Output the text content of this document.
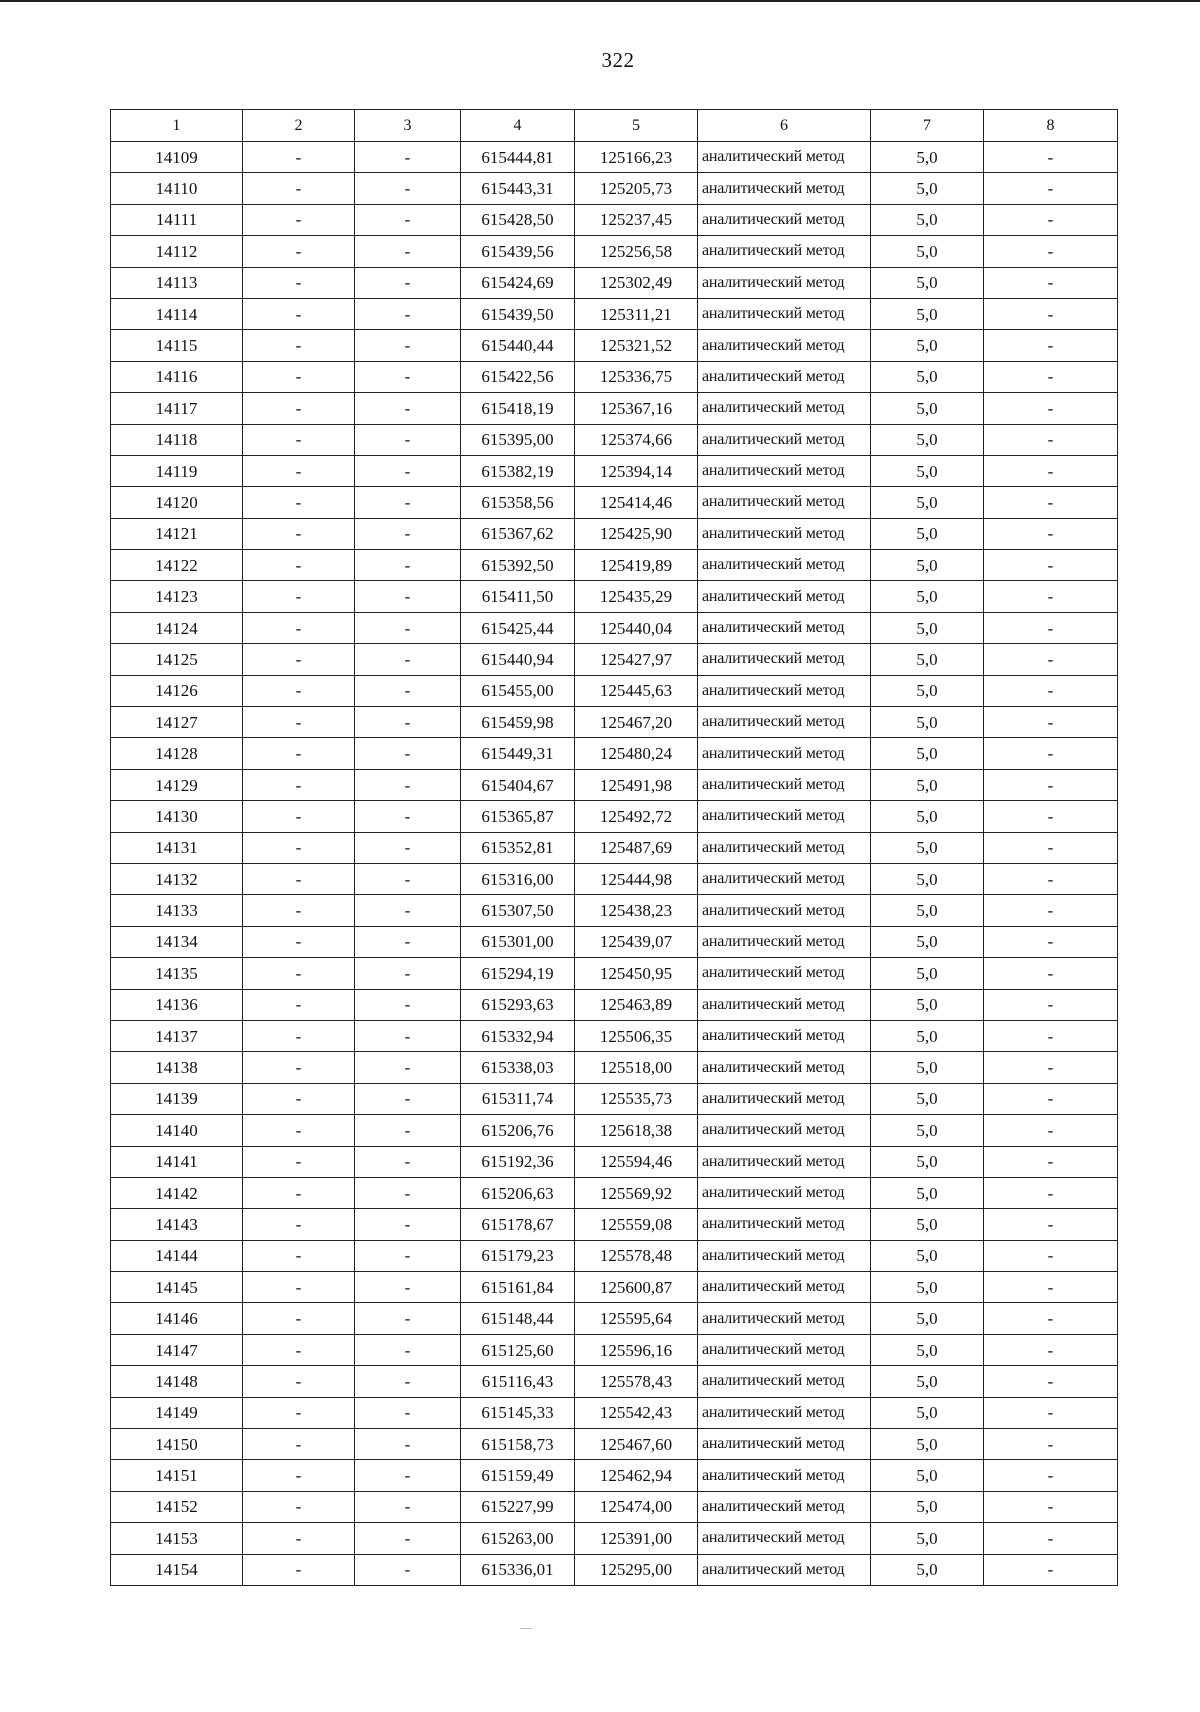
322
1	2	3	4	5	6	7	8
14109	-	-	615444,81	125166,23	аналитический метод	5,0	-
14110	-	-	615443,31	125205,73	аналитический метод	5,0	-
14111	-	-	615428,50	125237,45	аналитический метод	5,0	-
14112	-	-	615439,56	125256,58	аналитический метод	5,0	-
14113	-	-	615424,69	125302,49	аналитический метод	5,0	-
14114	-	-	615439,50	125311,21	аналитический метод	5,0	-
14115	-	-	615440,44	125321,52	аналитический метод	5,0	-
14116	-	-	615422,56	125336,75	аналитический метод	5,0	-
14117	-	-	615418,19	125367,16	аналитический метод	5,0	-
14118	-	-	615395,00	125374,66	аналитический метод	5,0	-
14119	-	-	615382,19	125394,14	аналитический метод	5,0	-
14120	-	-	615358,56	125414,46	аналитический метод	5,0	-
14121	-	-	615367,62	125425,90	аналитический метод	5,0	-
14122	-	-	615392,50	125419,89	аналитический метод	5,0	-
14123	-	-	615411,50	125435,29	аналитический метод	5,0	-
14124	-	-	615425,44	125440,04	аналитический метод	5,0	-
14125	-	-	615440,94	125427,97	аналитический метод	5,0	-
14126	-	-	615455,00	125445,63	аналитический метод	5,0	-
14127	-	-	615459,98	125467,20	аналитический метод	5,0	-
14128	-	-	615449,31	125480,24	аналитический метод	5,0	-
14129	-	-	615404,67	125491,98	аналитический метод	5,0	-
14130	-	-	615365,87	125492,72	аналитический метод	5,0	-
14131	-	-	615352,81	125487,69	аналитический метод	5,0	-
14132	-	-	615316,00	125444,98	аналитический метод	5,0	-
14133	-	-	615307,50	125438,23	аналитический метод	5,0	-
14134	-	-	615301,00	125439,07	аналитический метод	5,0	-
14135	-	-	615294,19	125450,95	аналитический метод	5,0	-
14136	-	-	615293,63	125463,89	аналитический метод	5,0	-
14137	-	-	615332,94	125506,35	аналитический метод	5,0	-
14138	-	-	615338,03	125518,00	аналитический метод	5,0	-
14139	-	-	615311,74	125535,73	аналитический метод	5,0	-
14140	-	-	615206,76	125618,38	аналитический метод	5,0	-
14141	-	-	615192,36	125594,46	аналитический метод	5,0	-
14142	-	-	615206,63	125569,92	аналитический метод	5,0	-
14143	-	-	615178,67	125559,08	аналитический метод	5,0	-
14144	-	-	615179,23	125578,48	аналитический метод	5,0	-
14145	-	-	615161,84	125600,87	аналитический метод	5,0	-
14146	-	-	615148,44	125595,64	аналитический метод	5,0	-
14147	-	-	615125,60	125596,16	аналитический метод	5,0	-
14148	-	-	615116,43	125578,43	аналитический метод	5,0	-
14149	-	-	615145,33	125542,43	аналитический метод	5,0	-
14150	-	-	615158,73	125467,60	аналитический метод	5,0	-
14151	-	-	615159,49	125462,94	аналитический метод	5,0	-
14152	-	-	615227,99	125474,00	аналитический метод	5,0	-
14153	-	-	615263,00	125391,00	аналитический метод	5,0	-
14154	-	-	615336,01	125295,00	аналитический метод	5,0	-
